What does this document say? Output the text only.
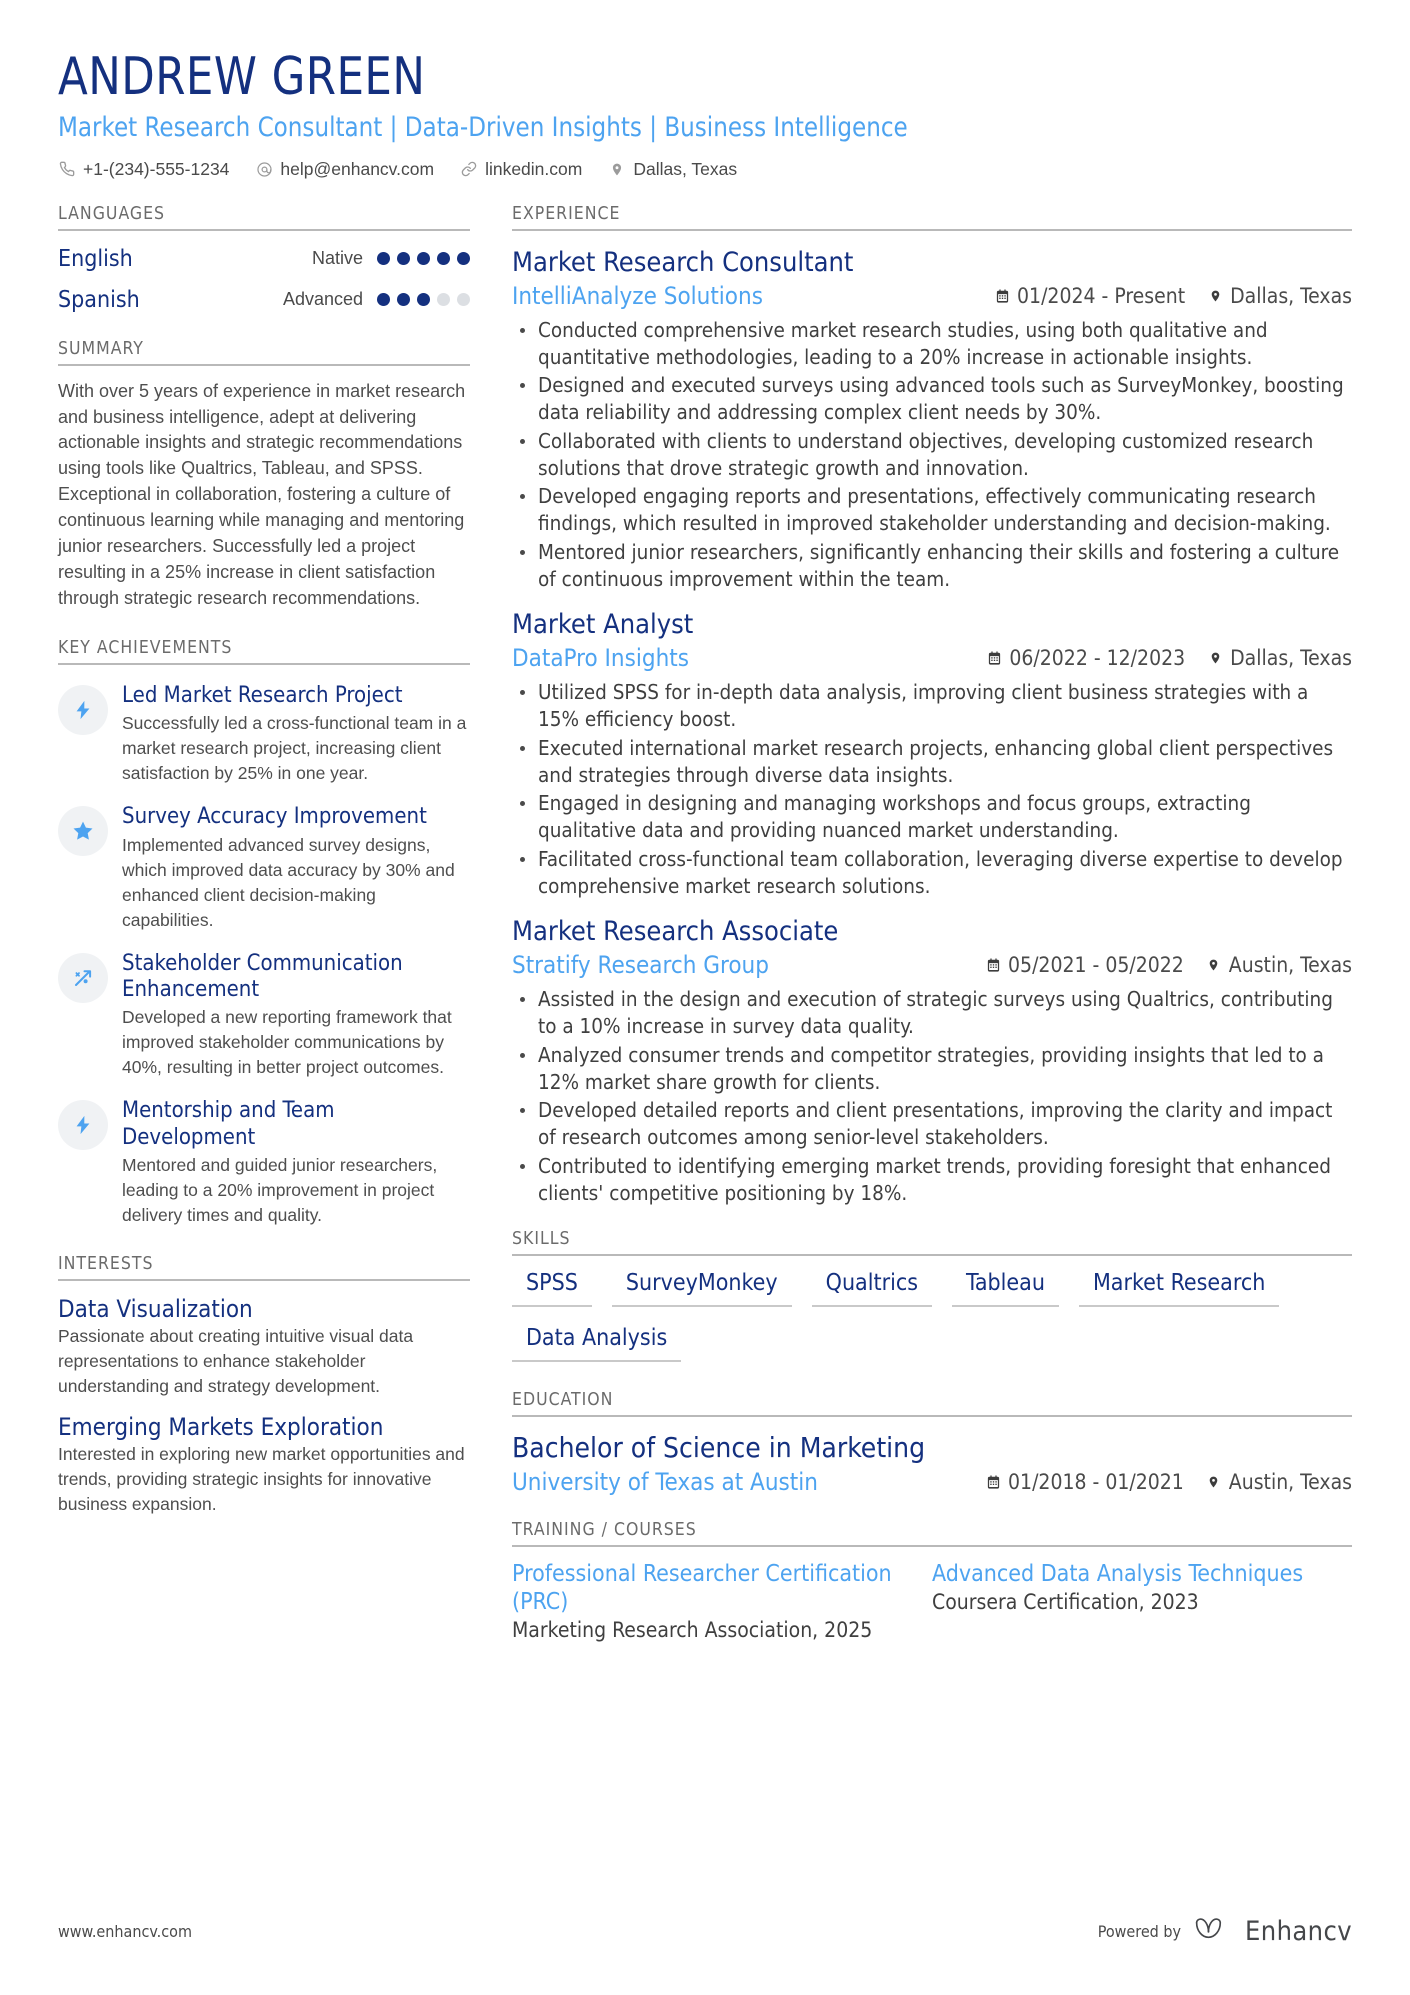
ANDREW GREEN
Market Research Consultant | Data-Driven Insights | Business Intelligence
+1-(234)-555-1234	help@enhancv.com	linkedin.com	Dallas, Texas
LANGUAGES
English	Native
Spanish	Advanced
SUMMARY
With over 5 years of experience in market research and business intelligence, adept at delivering actionable insights and strategic recommendations using tools like Qualtrics, Tableau, and SPSS. Exceptional in collaboration, fostering a culture of continuous learning while managing and mentoring junior researchers. Successfully led a project resulting in a 25% increase in client satisfaction through strategic research recommendations.
KEY ACHIEVEMENTS
Led Market Research Project
Successfully led a cross-functional team in a market research project, increasing client satisfaction by 25% in one year.
Survey Accuracy Improvement
Implemented advanced survey designs, which improved data accuracy by 30% and enhanced client decision-making capabilities.
Stakeholder Communication Enhancement
Developed a new reporting framework that improved stakeholder communications by 40%, resulting in better project outcomes.
Mentorship and Team Development
Mentored and guided junior researchers, leading to a 20% improvement in project delivery times and quality.
INTERESTS
Data Visualization
Passionate about creating intuitive visual data representations to enhance stakeholder understanding and strategy development.
Emerging Markets Exploration
Interested in exploring new market opportunities and trends, providing strategic insights for innovative business expansion.
EXPERIENCE
Market Research Consultant
IntelliAnalyze Solutions	01/2024 - Present Dallas, Texas
Conducted comprehensive market research studies, using both qualitative and quantitative methodologies, leading to a 20% increase in actionable insights.
Designed and executed surveys using advanced tools such as SurveyMonkey, boosting data reliability and addressing complex client needs by 30%.
Collaborated with clients to understand objectives, developing customized research solutions that drove strategic growth and innovation.
Developed engaging reports and presentations, effectively communicating research findings, which resulted in improved stakeholder understanding and decision-making.
Mentored junior researchers, significantly enhancing their skills and fostering a culture of continuous improvement within the team.
Market Analyst
DataPro Insights	06/2022 - 12/2023 Dallas, Texas
Utilized SPSS for in-depth data analysis, improving client business strategies with a 15% efficiency boost.
Executed international market research projects, enhancing global client perspectives and strategies through diverse data insights.
Engaged in designing and managing workshops and focus groups, extracting qualitative data and providing nuanced market understanding.
Facilitated cross-functional team collaboration, leveraging diverse expertise to develop comprehensive market research solutions.
Market Research Associate
Stratify Research Group	05/2021 - 05/2022 Austin, Texas
Assisted in the design and execution of strategic surveys using Qualtrics, contributing to a 10% increase in survey data quality.
Analyzed consumer trends and competitor strategies, providing insights that led to a 12% market share growth for clients.
Developed detailed reports and client presentations, improving the clarity and impact of research outcomes among senior-level stakeholders.
Contributed to identifying emerging market trends, providing foresight that enhanced clients' competitive positioning by 18%.
SKILLS
SPSS	SurveyMonkey	Qualtrics	Tableau	Market Research
Data Analysis
EDUCATION
Bachelor of Science in Marketing
University of Texas at Austin	01/2018 - 01/2021 Austin, Texas
TRAINING / COURSES
Professional Researcher Certification (PRC)
Marketing Research Association, 2025
Advanced Data Analysis Techniques
Coursera Certification, 2023
www.enhancv.com	Powered by Enhancv
